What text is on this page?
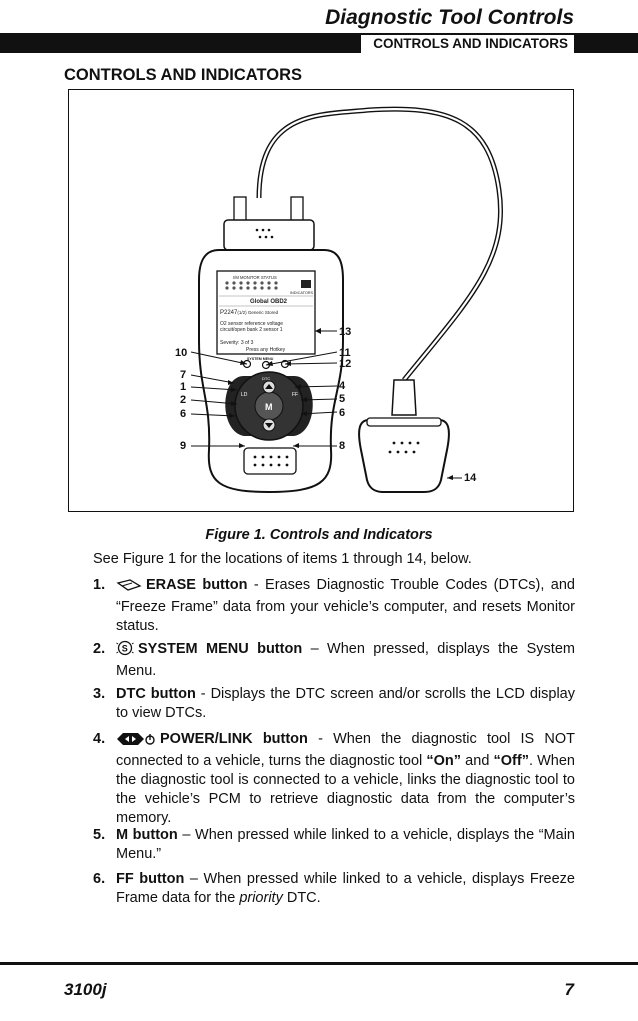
Diagnostic Tool Controls
CONTROLS AND INDICATORS
CONTROLS AND INDICATORS
I/M MONITOR STATUS
INDICATORS
Global OBD2
P2247(1/2) Generic Stored
O2 sensor reference voltage
circuit/open bank 2 sensor 1
Severity: 3 of 3
Press any Hotkey
SYSTEM MENU
M
FF
LD
DTC
10
7
1
2
6
9
13
11
12
4
5
6
8
14
Figure 1. Controls and Indicators
See Figure 1 for the locations of items 1 through 14, below.
1.	ERASE button - Erases Diagnostic Trouble Codes (DTCs), and “Freeze Frame” data from your vehicle’s computer, and resets Monitor status.
2. S SYSTEM MENU button – When pressed, displays the System Menu.
3. DTC button - Displays the DTC screen and/or scrolls the LCD display to view DTCs.
4.	POWER/LINK button - When the diagnostic tool IS NOT connected to a vehicle, turns the diagnostic tool “On” and “Off”. When the diagnostic tool is connected to a vehicle, links the diagnostic tool to the vehicle’s PCM to retrieve diagnostic data from the computer’s memory.
5. M button – When pressed while linked to a vehicle, displays the “Main Menu.”
6. FF button – When pressed while linked to a vehicle, displays Freeze Frame data for the priority DTC.
3100j	7
